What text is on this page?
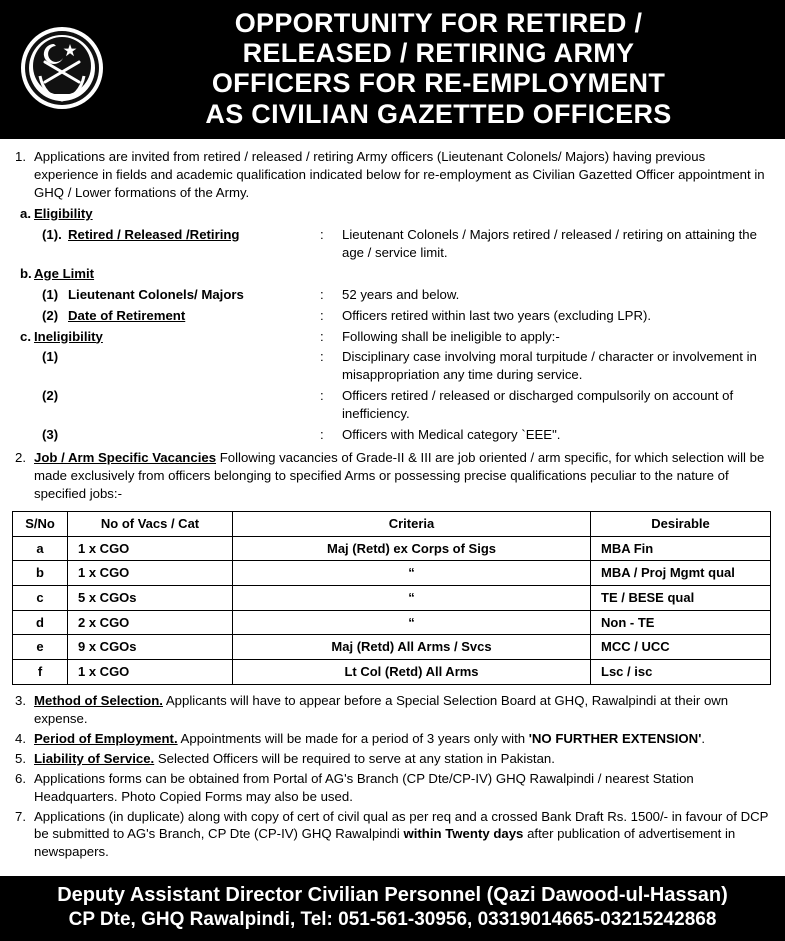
OPPORTUNITY FOR RETIRED /
RELEASED / RETIRING ARMY
OFFICERS FOR RE-EMPLOYMENT
AS CIVILIAN GAZETTED OFFICERS
1. Applications are invited from retired / released / retiring Army officers (Lieutenant Colonels/ Majors) having previous experience in fields and academic qualification indicated below for re-employment as Civilian Gazetted Officer appointment in GHQ / Lower formations of the Army.
a. Eligibility
(1). Retired / Released /Retiring	:	Lieutenant Colonels / Majors retired / released / retiring on attaining the age / service limit.
b. Age Limit
(1) Lieutenant Colonels/ Majors	:	52 years and below.
(2) Date of Retirement	:	Officers retired within last two years (excluding LPR).
c. Ineligibility	:	Following shall be ineligible to apply:-
(1)	:	Disciplinary case involving moral turpitude / character or involvement in misappropriation any time during service.
(2)	:	Officers retired / released or discharged compulsorily on account of inefficiency.
(3)	:	Officers with Medical category `EEE".
2. Job / Arm Specific Vacancies Following vacancies of Grade-II & III are job oriented / arm specific, for which selection will be made exclusively from officers belonging to specified Arms or possessing precise qualifications peculiar to the nature of specified jobs:-
S/No	No of Vacs / Cat	Criteria	Desirable
a	1 x CGO	Maj (Retd) ex Corps of Sigs	MBA Fin
b	1 x CGO	“	MBA / Proj Mgmt qual
c	5 x CGOs	“	TE / BESE qual
d	2 x CGO	“	Non - TE
e	9 x CGOs	Maj (Retd) All Arms / Svcs	MCC / UCC
f	1 x CGO	Lt Col (Retd) All Arms	Lsc / isc
3. Method of Selection. Applicants will have to appear before a Special Selection Board at GHQ, Rawalpindi at their own expense.
4. Period of Employment. Appointments will be made for a period of 3 years only with 'NO FURTHER EXTENSION'.
5. Liability of Service. Selected Officers will be required to serve at any station in Pakistan.
6. Applications forms can be obtained from Portal of AG's Branch (CP Dte/CP-IV) GHQ Rawalpindi / nearest Station Headquarters. Photo Copied Forms may also be used.
7. Applications (in duplicate) along with copy of cert of civil qual as per req and a crossed Bank Draft Rs. 1500/- in favour of DCP be submitted to AG's Branch, CP Dte (CP-IV) GHQ Rawalpindi within Twenty days after publication of advertisement in newspapers.
Deputy Assistant Director Civilian Personnel (Qazi Dawood-ul-Hassan)
CP Dte, GHQ Rawalpindi, Tel: 051-561-30956, 03319014665-03215242868
